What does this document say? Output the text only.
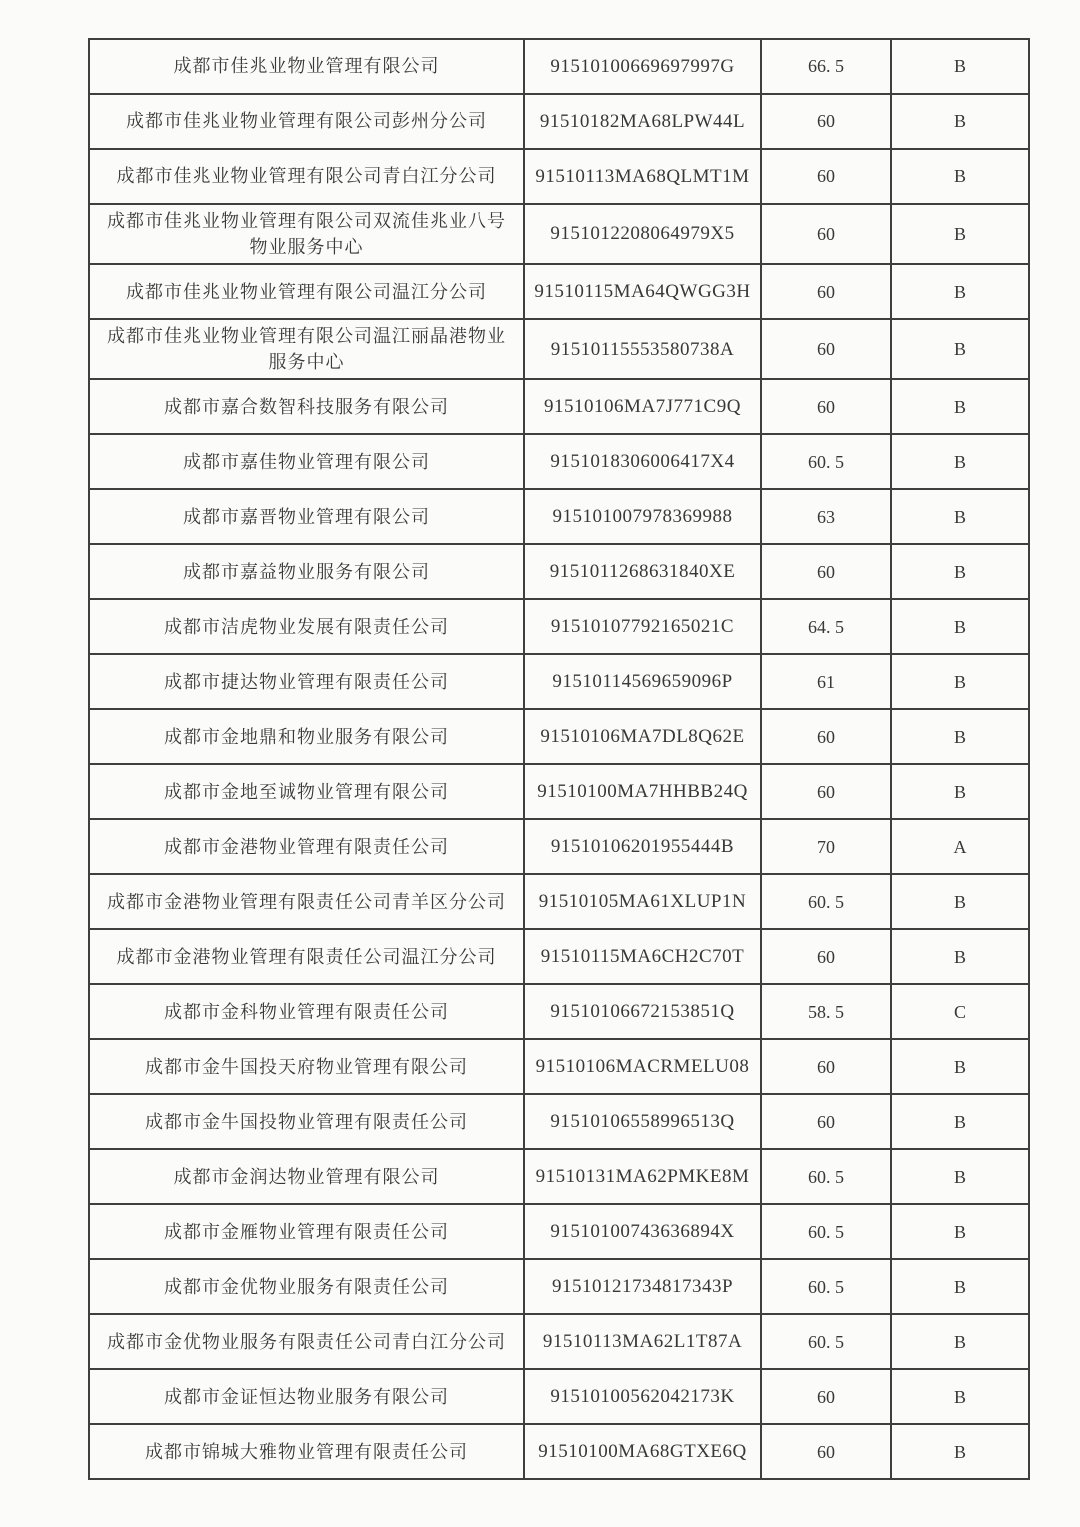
成都市佳兆业物业管理有限公司	91510100669697997G	66. 5	B
成都市佳兆业物业管理有限公司彭州分公司	91510182MA68LPW44L	60	B
成都市佳兆业物业管理有限公司青白江分公司	91510113MA68QLMT1M	60	B
成都市佳兆业物业管理有限公司双流佳兆业八号物业服务中心	9151012208064979X5	60	B
成都市佳兆业物业管理有限公司温江分公司	91510115MA64QWGG3H	60	B
成都市佳兆业物业管理有限公司温江丽晶港物业服务中心	91510115553580738A	60	B
成都市嘉合数智科技服务有限公司	91510106MA7J771C9Q	60	B
成都市嘉佳物业管理有限公司	9151018306006417X4	60. 5	B
成都市嘉晋物业管理有限公司	915101007978369988	63	B
成都市嘉益物业服务有限公司	9151011268631840XE	60	B
成都市洁虎物业发展有限责任公司	91510107792165021C	64. 5	B
成都市捷达物业管理有限责任公司	91510114569659096P	61	B
成都市金地鼎和物业服务有限公司	91510106MA7DL8Q62E	60	B
成都市金地至诚物业管理有限公司	91510100MA7HHBB24Q	60	B
成都市金港物业管理有限责任公司	91510106201955444B	70	A
成都市金港物业管理有限责任公司青羊区分公司	91510105MA61XLUP1N	60. 5	B
成都市金港物业管理有限责任公司温江分公司	91510115MA6CH2C70T	60	B
成都市金科物业管理有限责任公司	91510106672153851Q	58. 5	C
成都市金牛国投天府物业管理有限公司	91510106MACRMELU08	60	B
成都市金牛国投物业管理有限责任公司	91510106558996513Q	60	B
成都市金润达物业管理有限公司	91510131MA62PMKE8M	60. 5	B
成都市金雁物业管理有限责任公司	91510100743636894X	60. 5	B
成都市金优物业服务有限责任公司	91510121734817343P	60. 5	B
成都市金优物业服务有限责任公司青白江分公司	91510113MA62L1T87A	60. 5	B
成都市金证恒达物业服务有限公司	91510100562042173K	60	B
成都市锦城大雅物业管理有限责任公司	91510100MA68GTXE6Q	60	B
